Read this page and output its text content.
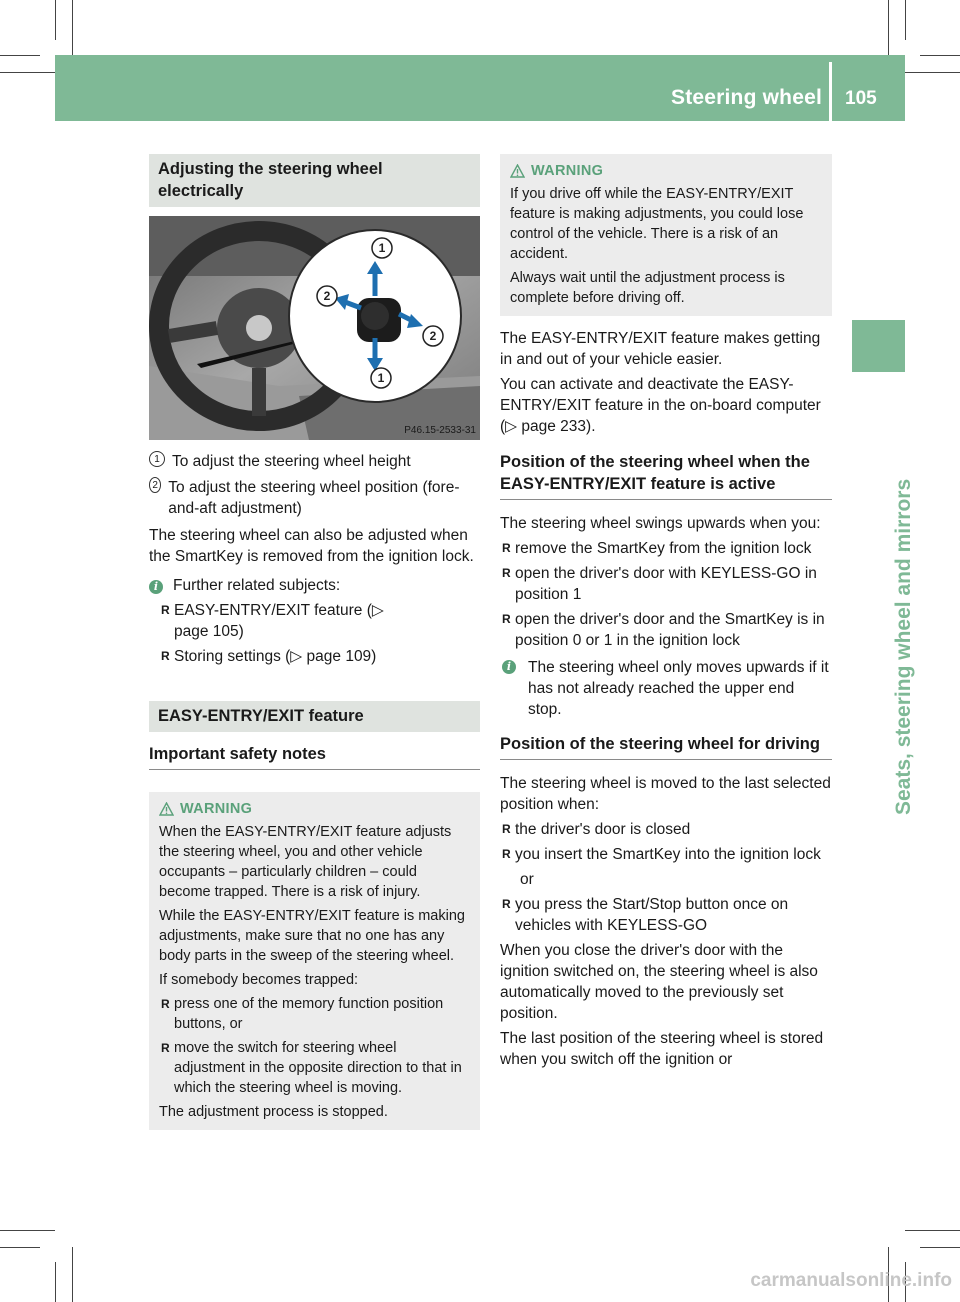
Steering wheel 105
Seats, steering wheel and mirrors
Adjusting the steering wheel electrically
1
2
2
1
P46.15-2533-31
1 To adjust the steering wheel height
2 To adjust the steering wheel position (fore-and-aft adjustment)

The steering wheel can also be adjusted when the SmartKey is removed from the ignition lock.

i Further related subjects:

R EASY-ENTRY/EXIT feature (▷ page 105)
R Storing settings (▷ page 109)
EASY-ENTRY/EXIT feature
Important safety notes
WARNING

When the EASY-ENTRY/EXIT feature adjusts the steering wheel, you and other vehicle occupants – particularly children – could become trapped. There is a risk of injury.

While the EASY-ENTRY/EXIT feature is making adjustments, make sure that no one has any body parts in the sweep of the steering wheel.

If somebody becomes trapped:

R press one of the memory function position buttons, or
R move the switch for steering wheel adjustment in the opposite direction to that in which the steering wheel is moving.

The adjustment process is stopped.

WARNING

If you drive off while the EASY-ENTRY/EXIT feature is making adjustments, you could lose control of the vehicle. There is a risk of an accident.

Always wait until the adjustment process is complete before driving off.

The EASY-ENTRY/EXIT feature makes getting in and out of your vehicle easier.

You can activate and deactivate the EASY-ENTRY/EXIT feature in the on-board computer (▷ page 233).

Position of the steering wheel when the EASY-ENTRY/EXIT feature is active

The steering wheel swings upwards when you:

R remove the SmartKey from the ignition lock
R open the driver's door with KEYLESS-GO in position 1
R open the driver's door and the SmartKey is in position 0 or 1 in the ignition lock
i	The steering wheel only moves upwards if it has not already reached the upper end stop.
Position of the steering wheel for driving

The steering wheel is moved to the last selected position when:

R the driver's door is closed
R you insert the SmartKey into the ignition lock

or

R you press the Start/Stop button once on vehicles with KEYLESS-GO

When you close the driver's door with the ignition switched on, the steering wheel is also automatically moved to the previously set position.

The last position of the steering wheel is stored when you switch off the ignition or

carmanualsonline.info
